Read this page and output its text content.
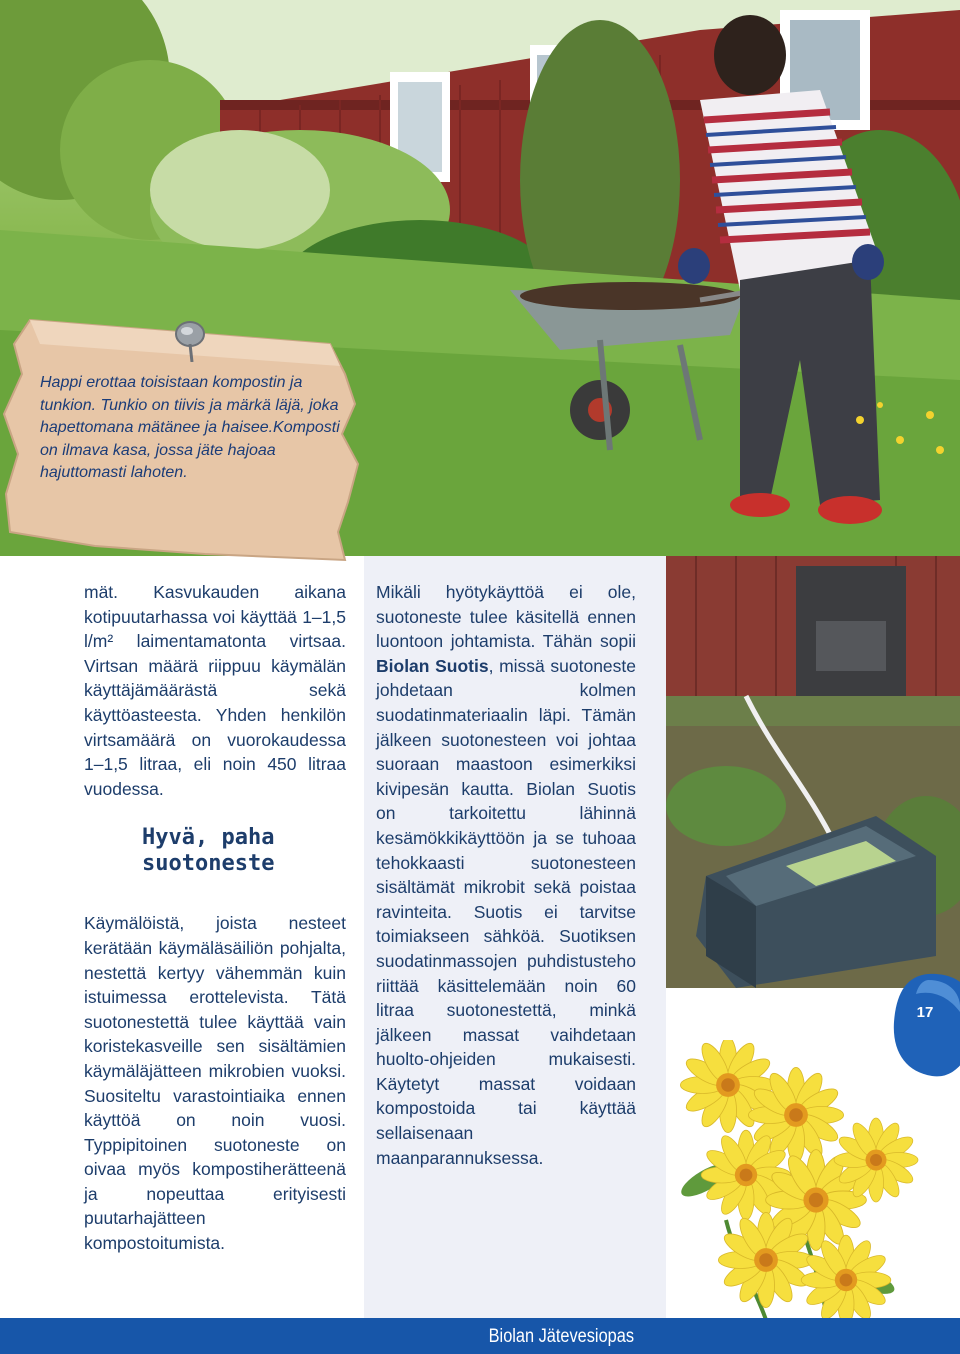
Happi erottaa toisistaan kompostin ja tunkion. Tunkio on tiivis ja märkä läjä, joka hapettomana mätänee ja haisee.Komposti on ilmava kasa, jossa jäte hajoaa hajuttomasti lahoten.

mät. Kasvukauden aikana kotipuutarhassa voi käyttää 1–1,5 l/m² laimentamatonta virtsaa. Virtsan määrä riippuu käymälän käyttäjämäärästä sekä käyttöasteesta. Yhden henkilön virtsamäärä on vuorokaudessa 1–1,5 litraa, eli noin 450 litraa vuodessa.

Hyvä, paha
suotoneste

Käymälöistä, joista nesteet kerätään käymäläsäiliön pohjalta, nestettä kertyy vähemmän kuin istuimessa erottelevista. Tätä suotonestettä tulee käyttää vain koristekasveille sen sisältämien käymäläjätteen mikrobien vuoksi. Suositeltu varastointiaika ennen käyttöä on noin vuosi. Typpipitoinen suotoneste on oivaa myös kompostiherätteenä ja nopeuttaa erityisesti puutarhajätteen kompostoitumista.

Mikäli hyötykäyttöä ei ole, suotoneste tulee käsitellä ennen luontoon johtamista. Tähän sopii Biolan Suotis, missä suotoneste johdetaan kolmen suodatinmateriaalin läpi. Tämän jälkeen suotonesteen voi johtaa suoraan maastoon esimerkiksi kivipesän kautta. Biolan Suotis on tarkoitettu lähinnä kesämökkikäyttöön ja se tuhoaa tehokkaasti suotonesteen sisältämät mikrobit sekä poistaa ravinteita. Suotis ei tarvitse toimiakseen sähköä. Suotiksen suodatinmassojen puhdistusteho riittää käsittelemään noin 60 litraa suotonestettä, minkä jälkeen massat vaihdetaan huolto-ohjeiden mukaisesti. Käytetyt massat voidaan kompostoida tai käyttää sellaisenaan maanparannuksessa.

17
Biolan Jätevesiopas
